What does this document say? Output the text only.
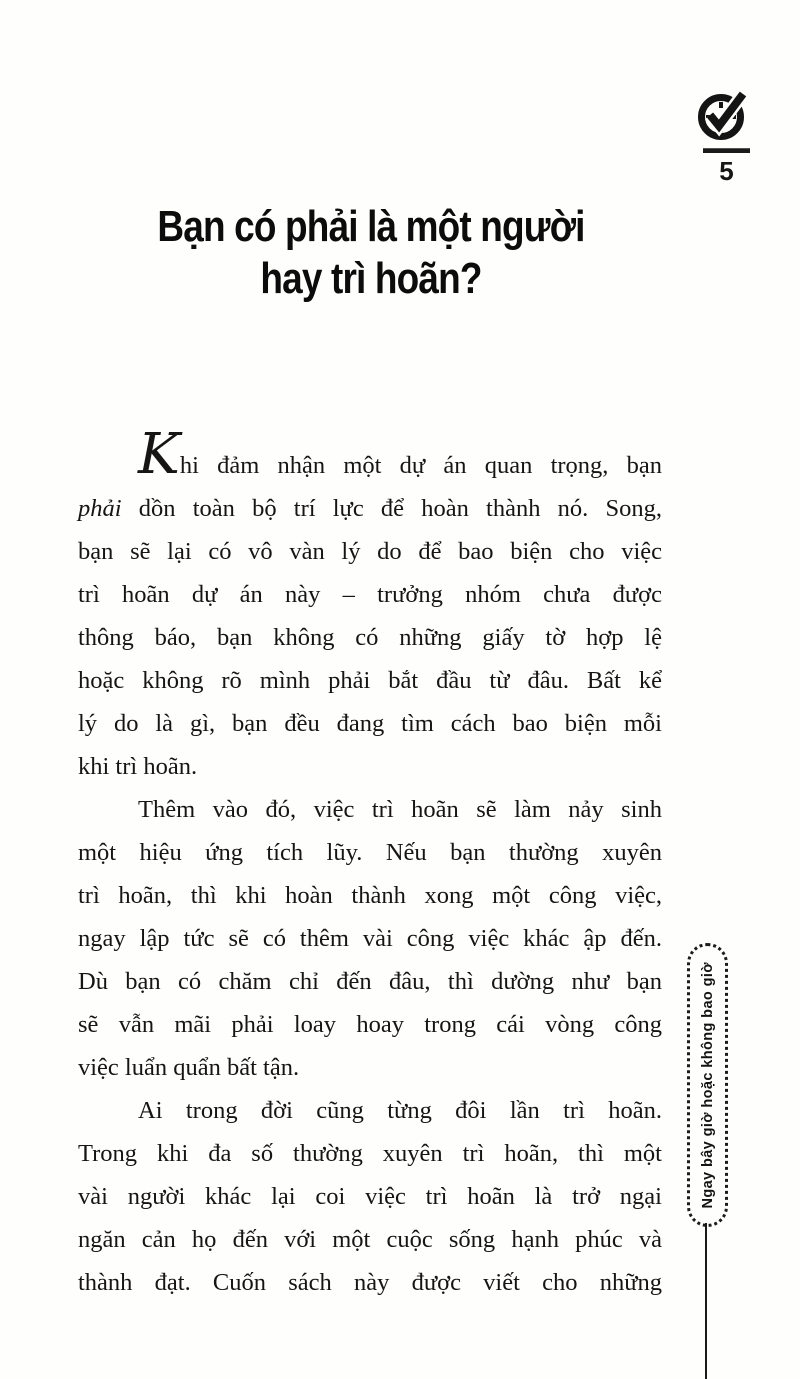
5
Bạn có phải là một người
hay trì hoãn?
Khi đảm nhận một dự án quan trọng, bạn
phải dồn toàn bộ trí lực để hoàn thành nó. Song,
bạn sẽ lại có vô vàn lý do để bao biện cho việc
trì hoãn dự án này – trưởng nhóm chưa được
thông báo, bạn không có những giấy tờ hợp lệ
hoặc không rõ mình phải bắt đầu từ đâu. Bất kể
lý do là gì, bạn đều đang tìm cách bao biện mỗi
khi trì hoãn.
Thêm vào đó, việc trì hoãn sẽ làm nảy sinh
một hiệu ứng tích lũy. Nếu bạn thường xuyên
trì hoãn, thì khi hoàn thành xong một công việc,
ngay lập tức sẽ có thêm vài công việc khác ập đến.
Dù bạn có chăm chỉ đến đâu, thì dường như bạn
sẽ vẫn mãi phải loay hoay trong cái vòng công
việc luẩn quẩn bất tận.
Ai trong đời cũng từng đôi lần trì hoãn.
Trong khi đa số thường xuyên trì hoãn, thì một
vài người khác lại coi việc trì hoãn là trở ngại
ngăn cản họ đến với một cuộc sống hạnh phúc và
thành đạt. Cuốn sách này được viết cho những
Ngay bây giờ hoặc không bao giờ
